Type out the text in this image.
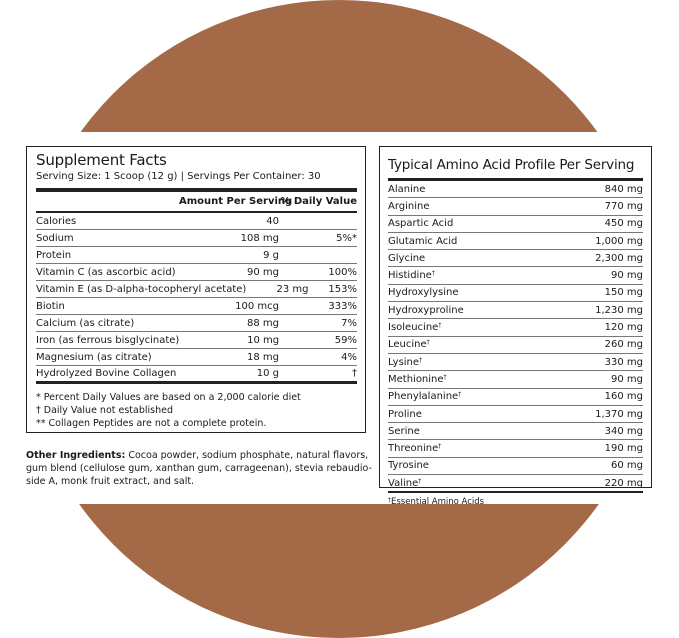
Supplement Facts
Serving Size: 1 Scoop (12 g) | Servings Per Container: 30
Amount Per Serving
% Daily Value
Calories	40
Sodium	108 mg	5%*
Protein	9 g
Vitamin C (as ascorbic acid)	90 mg	100%
Vitamin E (as D-alpha-tocopheryl acetate)	23 mg	153%
Biotin	100 mcg	333%
Calcium (as citrate)	88 mg	7%
Iron (as ferrous bisglycinate)	10 mg	59%
Magnesium (as citrate)	18 mg	4%
Hydrolyzed Bovine Collagen	10 g	†
* Percent Daily Values are based on a 2,000 calorie diet
† Daily Value not established
** Collagen Peptides are not a complete protein.
Other Ingredients: Cocoa powder, sodium phosphate, natural flavors, gum blend (cellulose gum, xanthan gum, carrageenan), stevia rebaudio-side A, monk fruit extract, and salt.
Typical Amino Acid Profile Per Serving
Alanine	840 mg
Arginine	770 mg
Aspartic Acid	450 mg
Glutamic Acid	1,000 mg
Glycine	2,300 mg
Histidine†	90 mg
Hydroxylysine	150 mg
Hydroxyproline	1,230 mg
Isoleucine†	120 mg
Leucine†	260 mg
Lysine†	330 mg
Methionine†	90 mg
Phenylalanine†	160 mg
Proline	1,370 mg
Serine	340 mg
Threonine†	190 mg
Tyrosine	60 mg
Valine†	220 mg
†Essential Amino Acids
